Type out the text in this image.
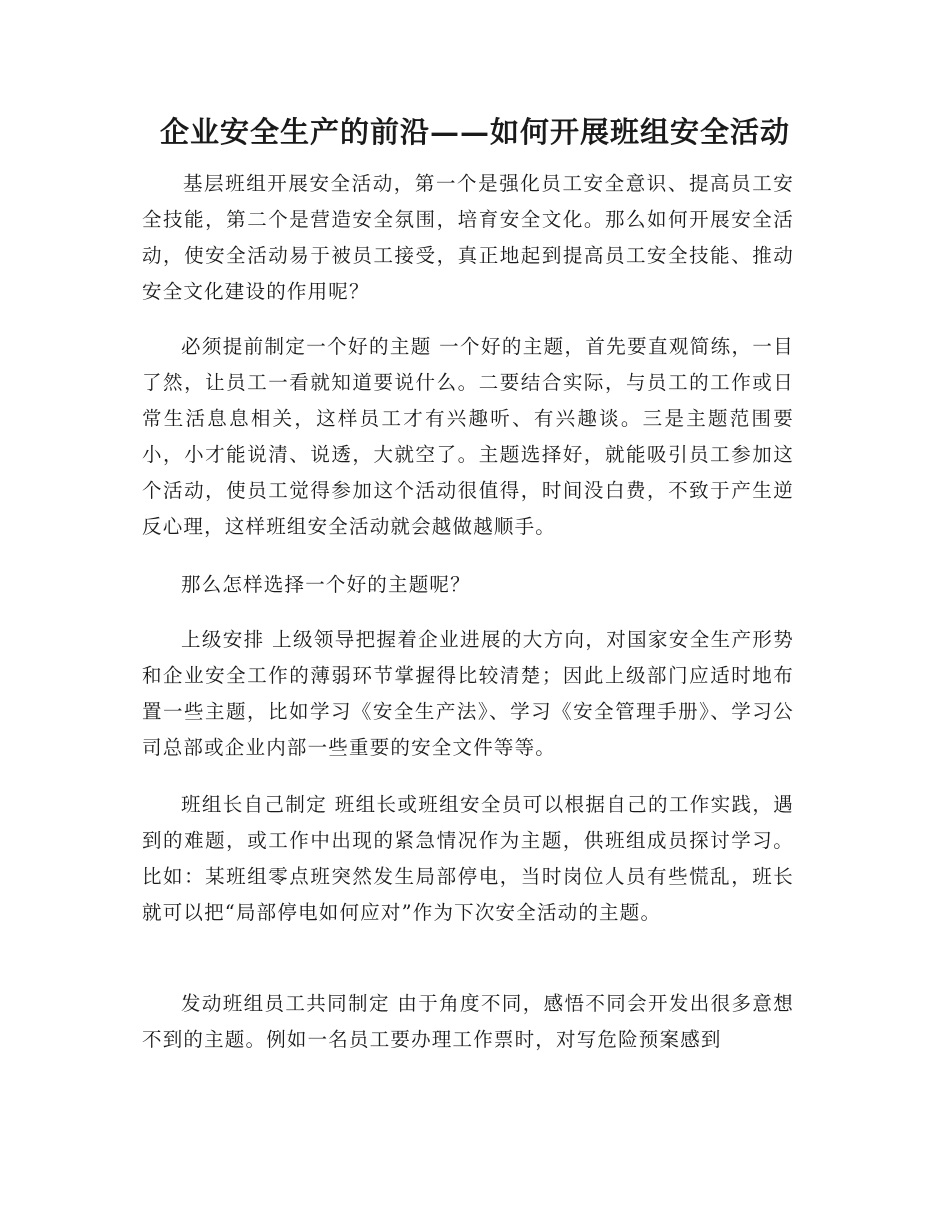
企业安全生产的前沿——如何开展班组安全活动

基层班组开展安全活动，第一个是强化员工安全意识、提高员工安全技能，第二个是营造安全氛围，培育安全文化。那么如何开展安全活动，使安全活动易于被员工接受，真正地起到提高员工安全技能、推动安全文化建设的作用呢？

必须提前制定一个好的主题 一个好的主题，首先要直观简练，一目了然，让员工一看就知道要说什么。二要结合实际，与员工的工作或日常生活息息相关，这样员工才有兴趣听、有兴趣谈。三是主题范围要小，小才能说清、说透，大就空了。主题选择好，就能吸引员工参加这个活动，使员工觉得参加这个活动很值得，时间没白费，不致于产生逆反心理，这样班组安全活动就会越做越顺手。

那么怎样选择一个好的主题呢？

上级安排 上级领导把握着企业进展的大方向，对国家安全生产形势和企业安全工作的薄弱环节掌握得比较清楚；因此上级部门应适时地布置一些主题，比如学习《安全生产法》、学习《安全管理手册》、学习公司总部或企业内部一些重要的安全文件等等。

班组长自己制定 班组长或班组安全员可以根据自己的工作实践，遇到的难题，或工作中出现的紧急情况作为主题，供班组成员探讨学习。比如：某班组零点班突然发生局部停电，当时岗位人员有些慌乱，班长就可以把“局部停电如何应对”作为下次安全活动的主题。

发动班组员工共同制定 由于角度不同，感悟不同会开发出很多意想不到的主题。例如一名员工要办理工作票时，对写危险预案感到
